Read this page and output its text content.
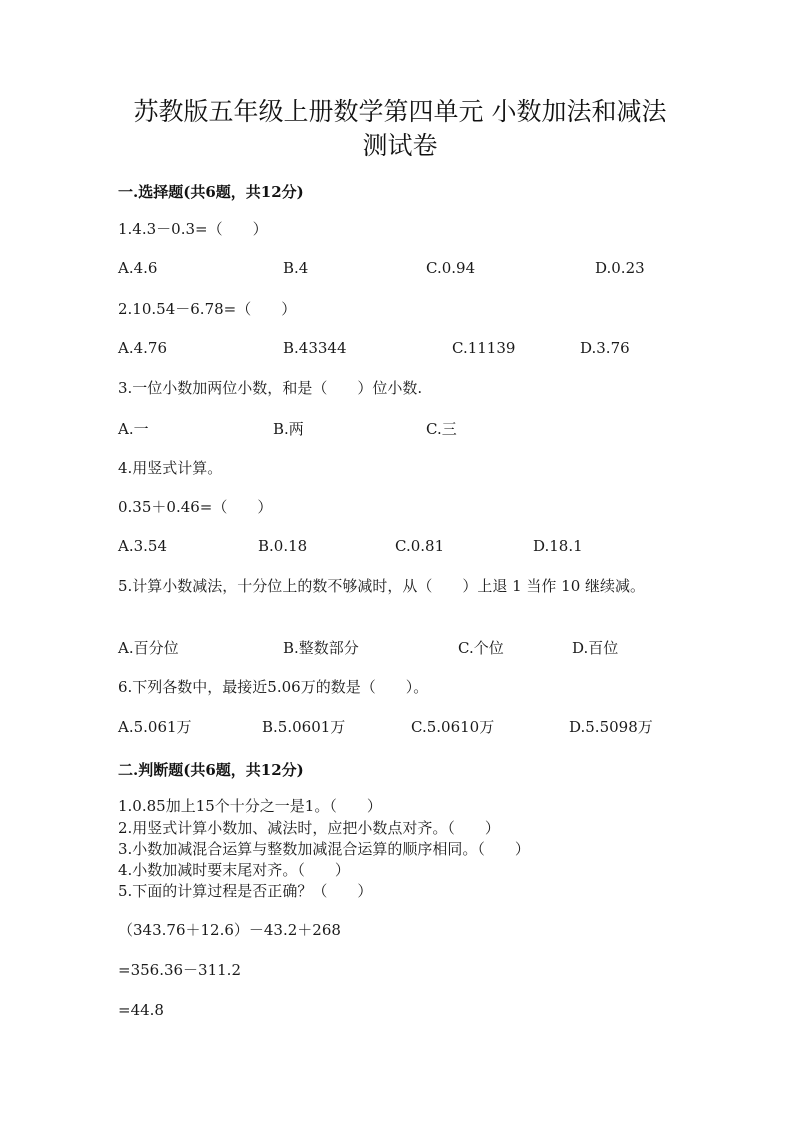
苏教版五年级上册数学第四单元 小数加法和减法
测试卷
一.选择题(共6题，共12分)
1.4.3－0.3=（　　）
A.4.6	B.4	C.0.94	D.0.23
2.10.54－6.78=（　　）
A.4.76	B.43344	C.11139	D.3.76
3.一位小数加两位小数，和是（　　）位小数.
A.一	B.两	C.三
4.用竖式计算。
0.35＋0.46=（　　）
A.3.54	B.0.18	C.0.81	D.18.1
5.计算小数减法，十分位上的数不够减时，从（　　）上退 1 当作 10 继续减。
A.百分位	B.整数部分	C.个位	D.百位
6.下列各数中，最接近5.06万的数是（　　）。
A.5.061万	B.5.0601万	C.5.0610万	D.5.5098万
二.判断题(共6题，共12分)
1.0.85加上15个十分之一是1。（　　）
2.用竖式计算小数加、减法时，应把小数点对齐。（　　）
3.小数加减混合运算与整数加减混合运算的顺序相同。（　　）
4.小数加减时要末尾对齐。（　　）
5.下面的计算过程是否正确？（　　）
（343.76＋12.6）－43.2＋268
=356.36－311.2
=44.8
